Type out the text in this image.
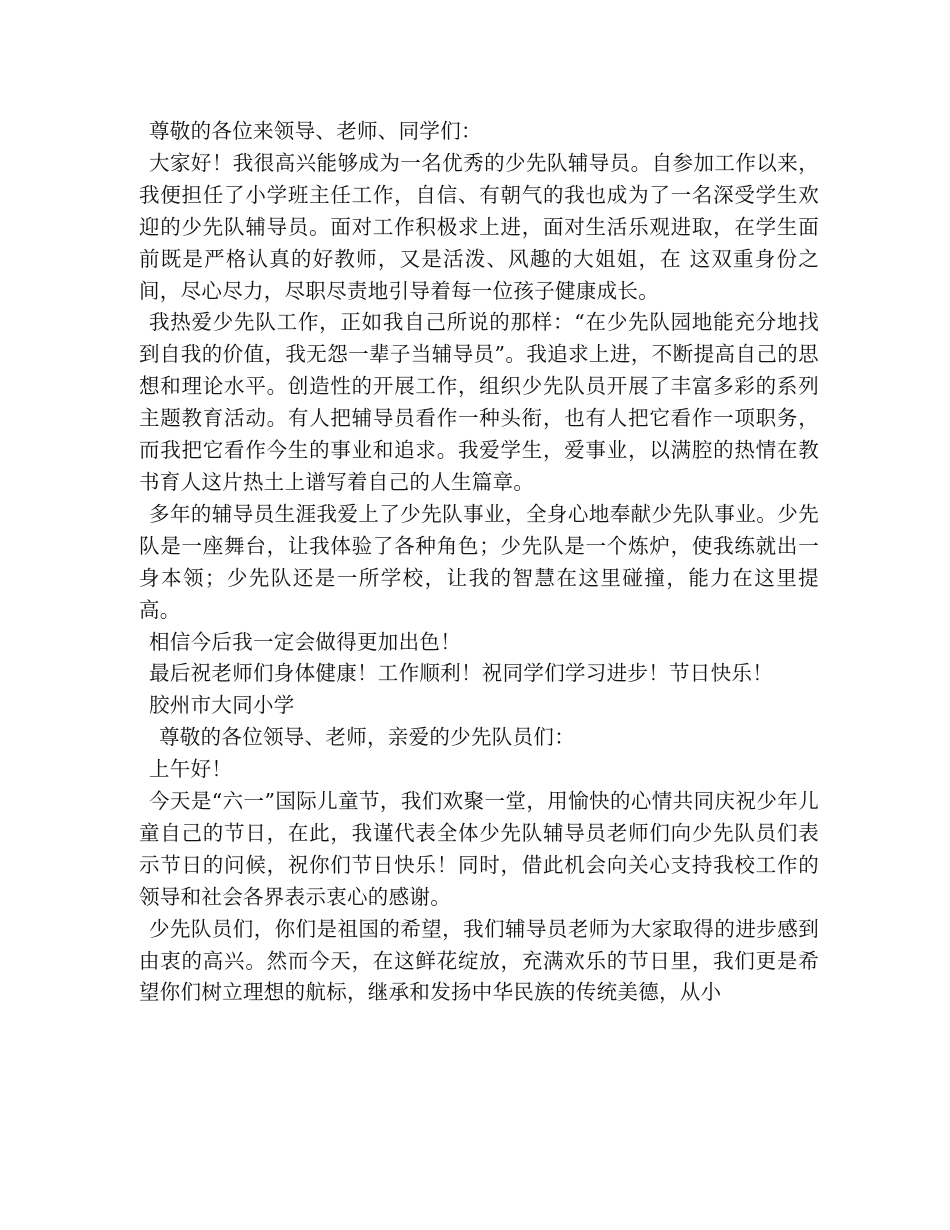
尊敬的各位来领导、老师、同学们：

大家好！我很高兴能够成为一名优秀的少先队辅导员。自参加工作以来，我便担任了小学班主任工作，自信、有朝气的我也成为了一名深受学生欢迎的少先队辅导员。面对工作积极求上进，面对生活乐观进取，在学生面前既是严格认真的好教师，又是活泼、风趣的大姐姐，在 这双重身份之间，尽心尽力，尽职尽责地引导着每一位孩子健康成长。

我热爱少先队工作，正如我自己所说的那样：“在少先队园地能充分地找到自我的价值，我无怨一辈子当辅导员”。我追求上进，不断提高自己的思想和理论水平。创造性的开展工作，组织少先队员开展了丰富多彩的系列主题教育活动。有人把辅导员看作一种头衔，也有人把它看作一项职务，而我把它看作今生的事业和追求。我爱学生，爱事业，以满腔的热情在教书育人这片热土上谱写着自己的人生篇章。

多年的辅导员生涯我爱上了少先队事业，全身心地奉献少先队事业。少先队是一座舞台，让我体验了各种角色；少先队是一个炼炉，使我练就出一身本领；少先队还是一所学校，让我的智慧在这里碰撞，能力在这里提高。

相信今后我一定会做得更加出色！

最后祝老师们身体健康！工作顺利！祝同学们学习进步！节日快乐！

胶州市大同小学

尊敬的各位领导、老师，亲爱的少先队员们：

上午好！

今天是“六一”国际儿童节，我们欢聚一堂，用愉快的心情共同庆祝少年儿童自己的节日，在此，我谨代表全体少先队辅导员老师们向少先队员们表示节日的问候，祝你们节日快乐！同时，借此机会向关心支持我校工作的领导和社会各界表示衷心的感谢。

少先队员们，你们是祖国的希望，我们辅导员老师为大家取得的进步感到由衷的高兴。然而今天，在这鲜花绽放，充满欢乐的节日里，我们更是希望你们树立理想的航标，继承和发扬中华民族的传统美德，从小
